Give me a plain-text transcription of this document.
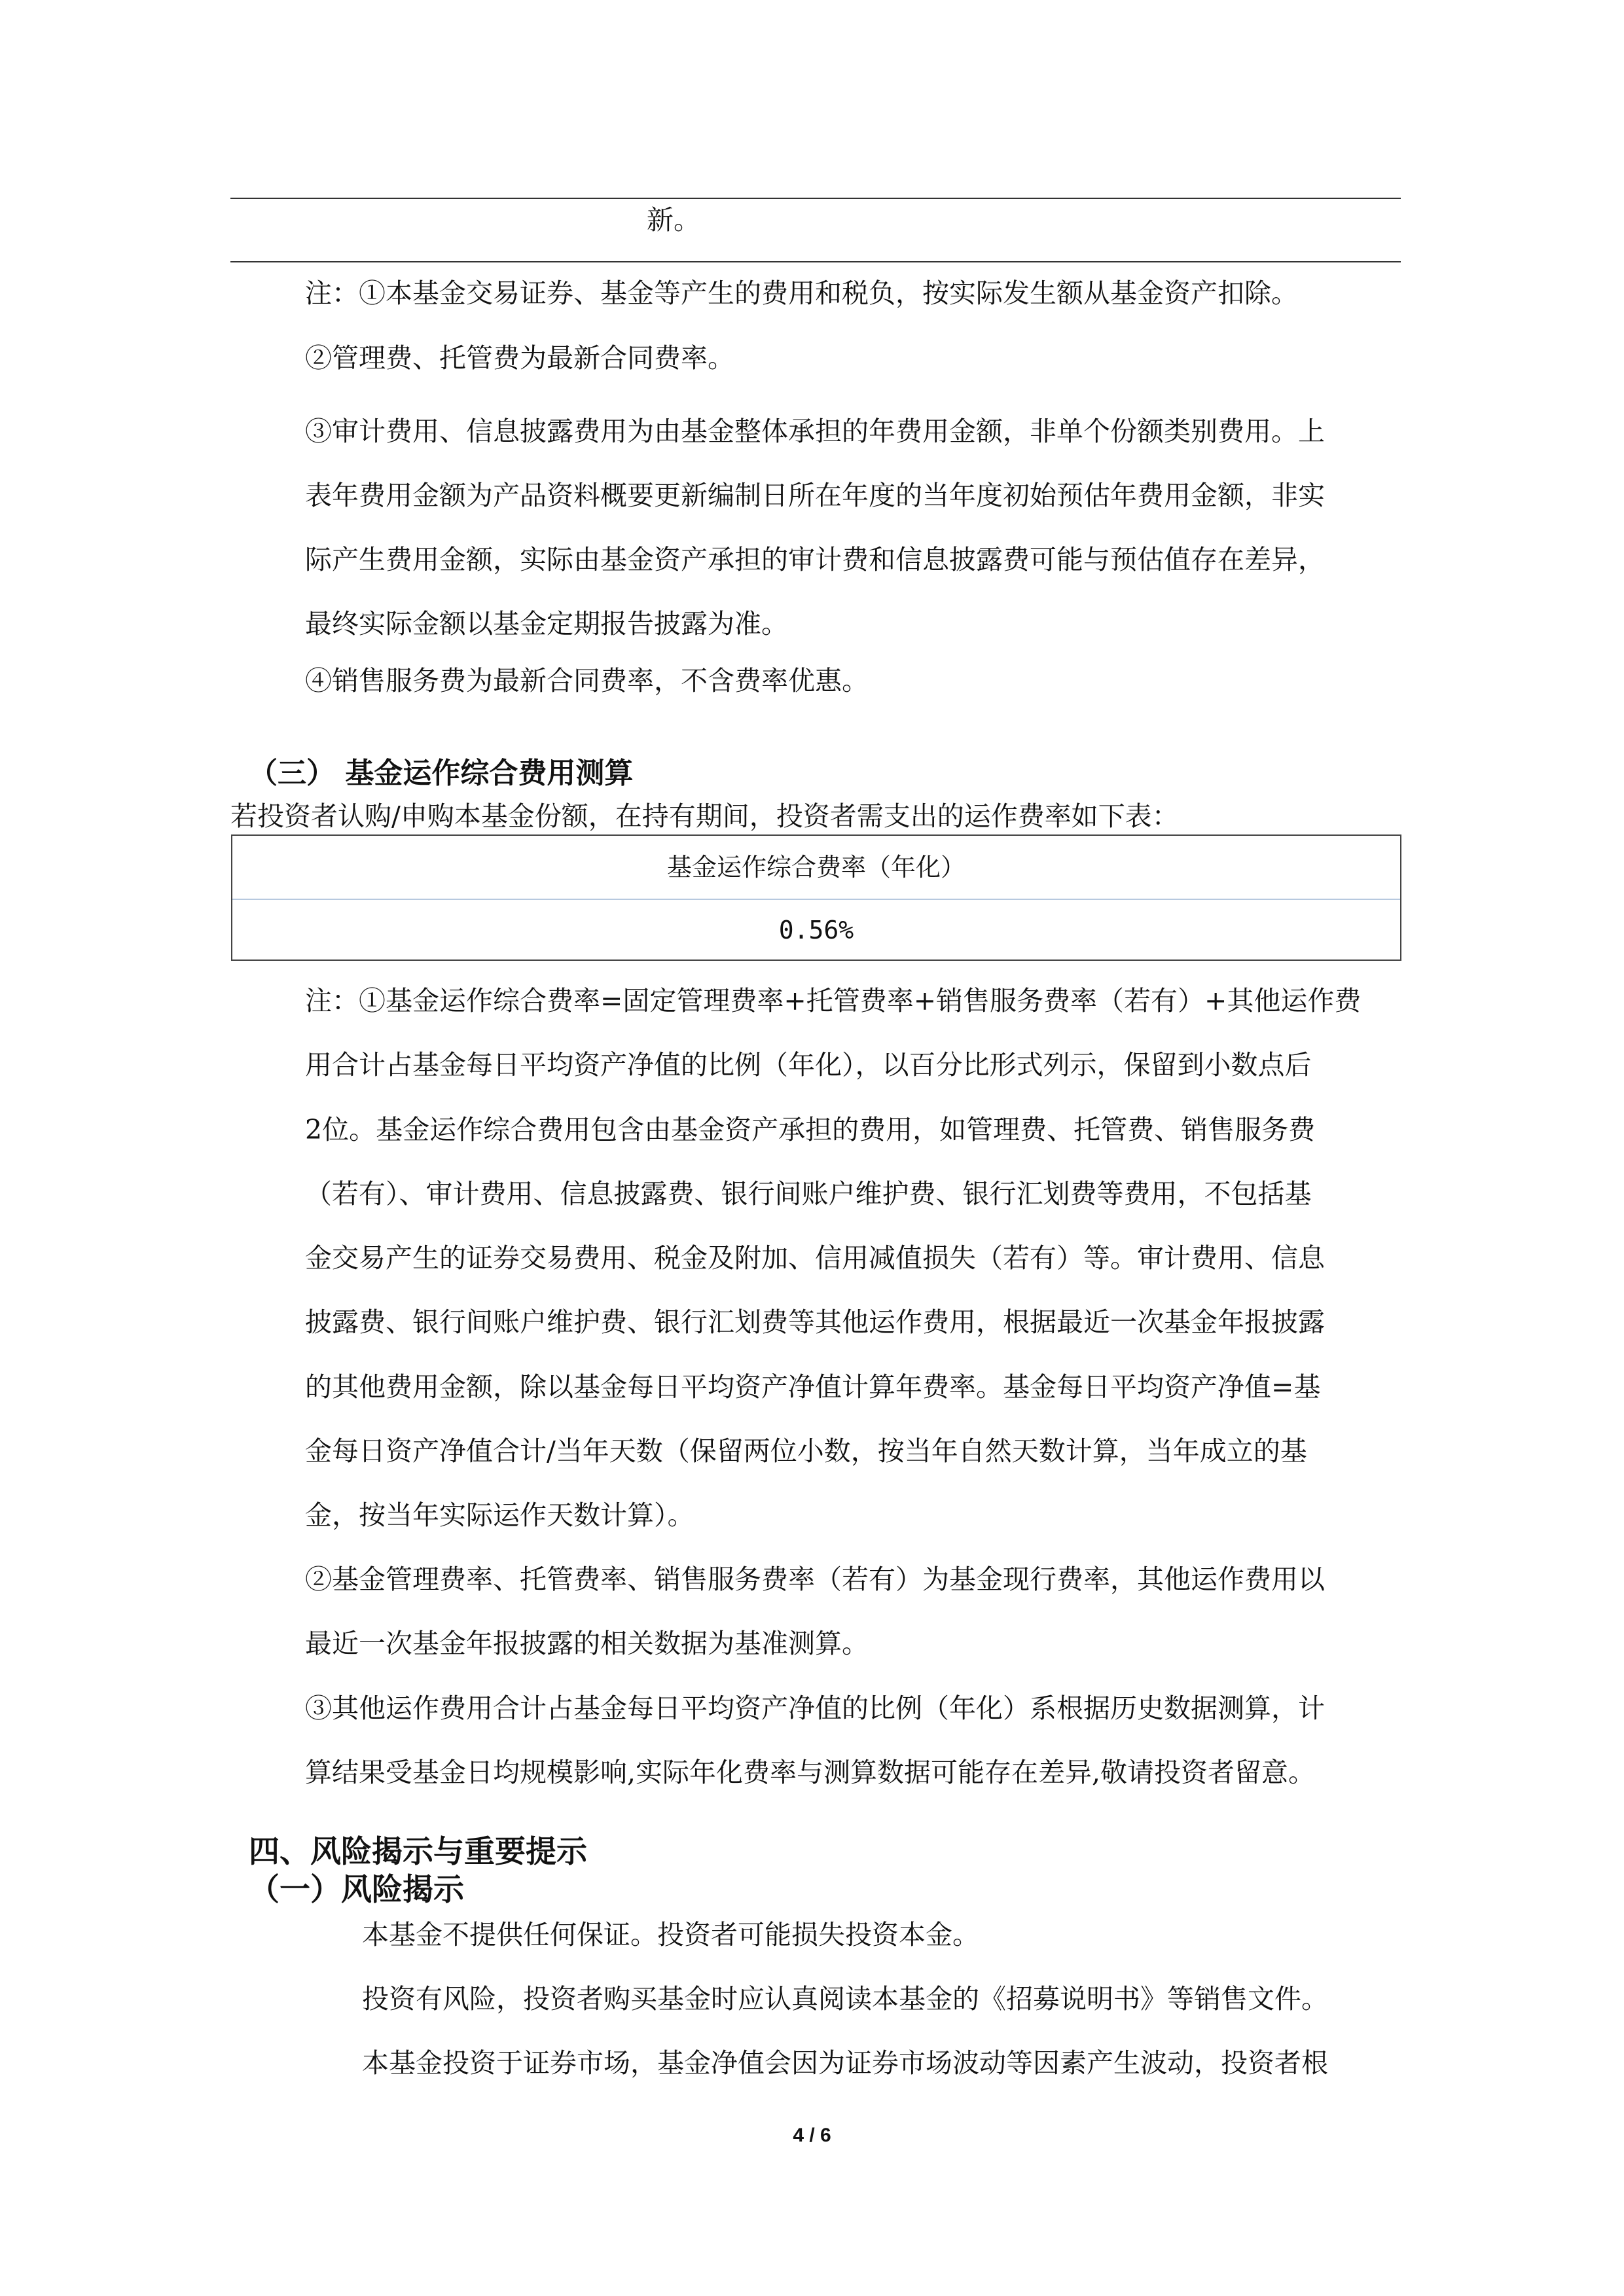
新。
注：①本基金交易证券、基金等产生的费用和税负，按实际发生额从基金资产扣除。
②管理费、托管费为最新合同费率。
③审计费用、信息披露费用为由基金整体承担的年费用金额，非单个份额类别费用。上
表年费用金额为产品资料概要更新编制日所在年度的当年度初始预估年费用金额，非实
际产生费用金额，实际由基金资产承担的审计费和信息披露费可能与预估值存在差异，
最终实际金额以基金定期报告披露为准。
④销售服务费为最新合同费率，不含费率优惠。
（三） 基金运作综合费用测算
若投资者认购/申购本基金份额，在持有期间，投资者需支出的运作费率如下表：
基金运作综合费率（年化）
0.56%
注：①基金运作综合费率=固定管理费率+托管费率+销售服务费率（若有）+其他运作费
用合计占基金每日平均资产净值的比例（年化），以百分比形式列示，保留到小数点后
2位。基金运作综合费用包含由基金资产承担的费用，如管理费、托管费、销售服务费
（若有）、审计费用、信息披露费、银行间账户维护费、银行汇划费等费用，不包括基
金交易产生的证券交易费用、税金及附加、信用减值损失（若有）等。审计费用、信息
披露费、银行间账户维护费、银行汇划费等其他运作费用，根据最近一次基金年报披露
的其他费用金额，除以基金每日平均资产净值计算年费率。基金每日平均资产净值=基
金每日资产净值合计/当年天数（保留两位小数，按当年自然天数计算，当年成立的基
金，按当年实际运作天数计算）。
②基金管理费率、托管费率、销售服务费率（若有）为基金现行费率，其他运作费用以
最近一次基金年报披露的相关数据为基准测算。
③其他运作费用合计占基金每日平均资产净值的比例（年化）系根据历史数据测算，计
算结果受基金日均规模影响,实际年化费率与测算数据可能存在差异,敬请投资者留意。
四、风险揭示与重要提示
（一）风险揭示
本基金不提供任何保证。投资者可能损失投资本金。
投资有风险，投资者购买基金时应认真阅读本基金的《招募说明书》等销售文件。
本基金投资于证券市场，基金净值会因为证券市场波动等因素产生波动，投资者根
4 / 6
